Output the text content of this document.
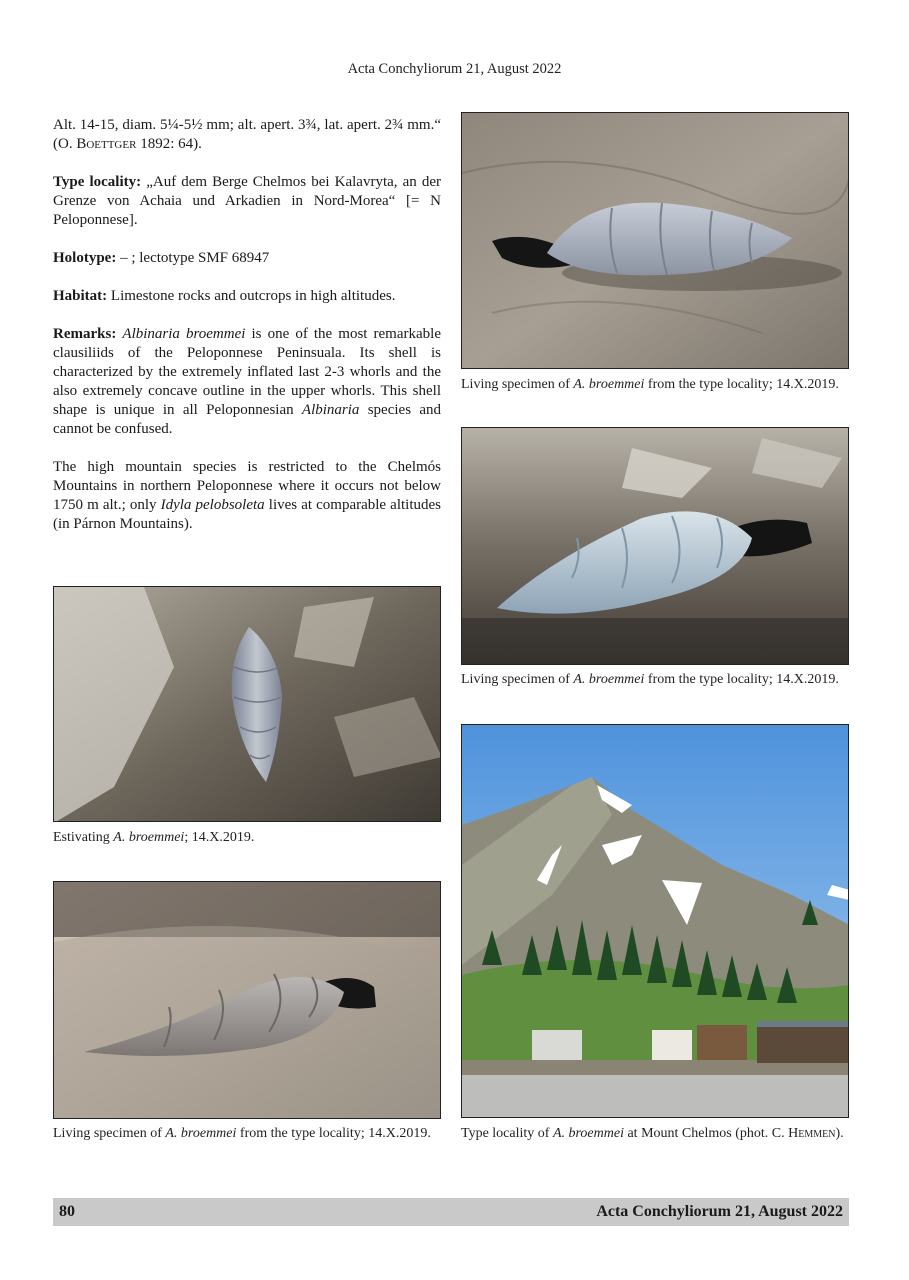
Acta Conchyliorum 21, August 2022

Alt. 14-15, diam. 5¼-5½ mm; alt. apert. 3¾, lat. apert. 2¾ mm.“ (O. Boettger 1892: 64).

Type locality: „Auf dem Berge Chelmos bei Kalavryta, an der Grenze von Achaia und Arkadien in Nord-Morea“ [= N Peloponnese].

Holotype: – ; lectotype SMF 68947

Habitat: Limestone rocks and outcrops in high altitudes.

Remarks: Albinaria broemmei is one of the most remarkable clausiliids of the Peloponnese Peninsuala. Its shell is characterized by the extremely inflated last 2-3 whorls and the also extremely concave outline in the upper whorls. This shell shape is unique in all Peloponnesian Albinaria species and cannot be confused.

The high mountain species is restricted to the Chelmós Mountains in northern Peloponnese where it occurs not below 1750 m alt.; only Idyla pelobsoleta lives at comparable altitudes (in Párnon Mountains).

Living specimen of A. broemmei from the type locality; 14.X.2019.
Living specimen of A. broemmei from the type locality; 14.X.2019.
Estivating A. broemmei; 14.X.2019.
Living specimen of A. broemmei from the type locality; 14.X.2019.	Type locality of A. broemmei at Mount Chelmos (phot. C. Hemmen).
80	Acta Conchyliorum 21, August 2022
